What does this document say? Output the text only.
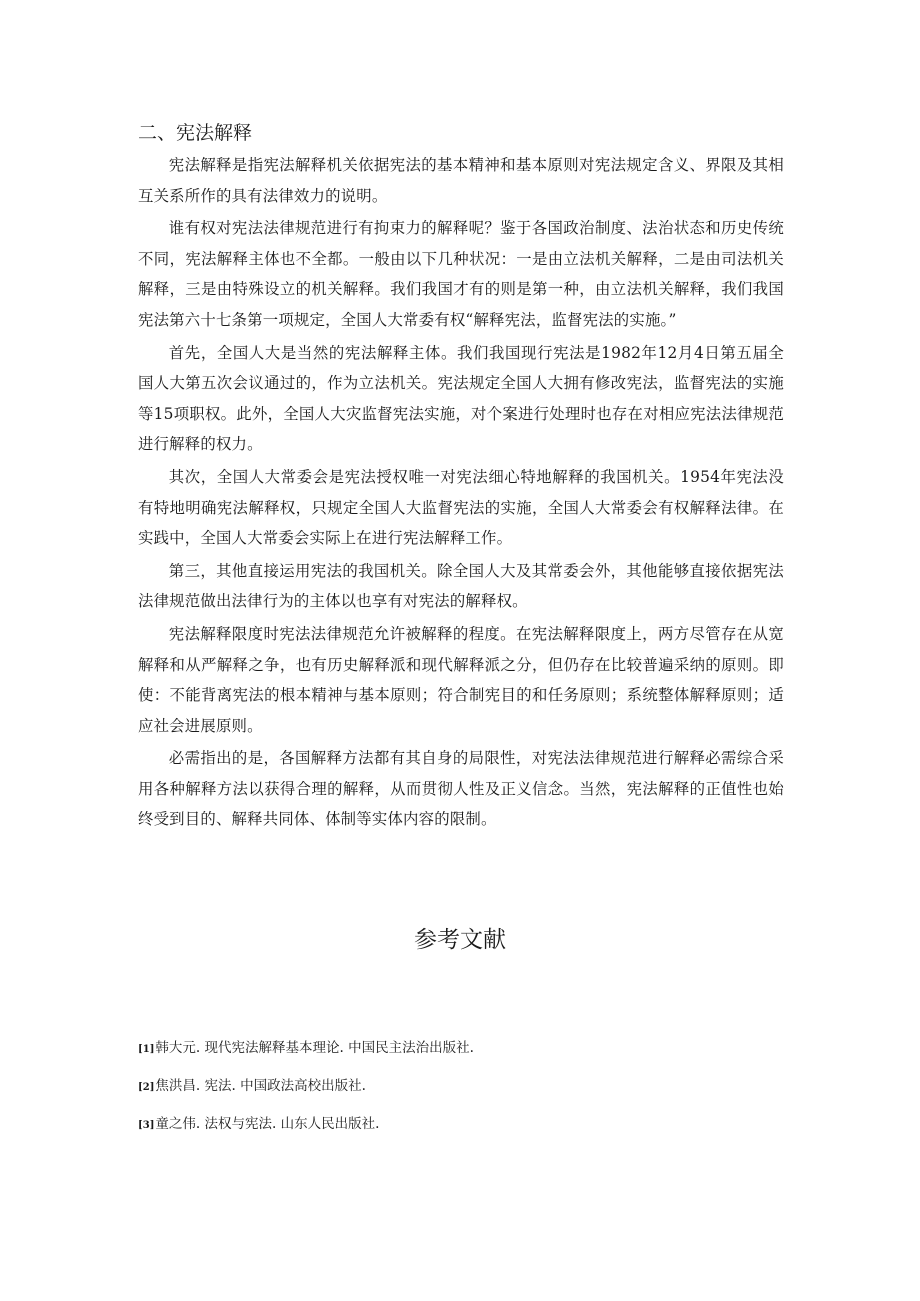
二、宪法解释

宪法解释是指宪法解释机关依据宪法的基本精神和基本原则对宪法规定含义、界限及其相互关系所作的具有法律效力的说明。

谁有权对宪法法律规范进行有拘束力的解释呢？鉴于各国政治制度、法治状态和历史传统不同，宪法解释主体也不全都。一般由以下几种状况：一是由立法机关解释，二是由司法机关解释，三是由特殊设立的机关解释。我们我国才有的则是第一种，由立法机关解释，我们我国宪法第六十七条第一项规定，全国人大常委有权“解释宪法，监督宪法的实施。”

首先，全国人大是当然的宪法解释主体。我们我国现行宪法是1982年12月4日第五届全国人大第五次会议通过的，作为立法机关。宪法规定全国人大拥有修改宪法，监督宪法的实施等15项职权。此外，全国人大灾监督宪法实施，对个案进行处理时也存在对相应宪法法律规范进行解释的权力。

其次，全国人大常委会是宪法授权唯一对宪法细心特地解释的我国机关。1954年宪法没有特地明确宪法解释权，只规定全国人大监督宪法的实施，全国人大常委会有权解释法律。在实践中，全国人大常委会实际上在进行宪法解释工作。

第三，其他直接运用宪法的我国机关。除全国人大及其常委会外，其他能够直接依据宪法法律规范做出法律行为的主体以也享有对宪法的解释权。

宪法解释限度时宪法法律规范允许被解释的程度。在宪法解释限度上，两方尽管存在从宽解释和从严解释之争，也有历史解释派和现代解释派之分，但仍存在比较普遍采纳的原则。即使：不能背离宪法的根本精神与基本原则；符合制宪目的和任务原则；系统整体解释原则；适应社会进展原则。

必需指出的是，各国解释方法都有其自身的局限性，对宪法法律规范进行解释必需综合采用各种解释方法以获得合理的解释，从而贯彻人性及正义信念。当然，宪法解释的正值性也始终受到目的、解释共同体、体制等实体内容的限制。

参考文献
[1]韩大元. 现代宪法解释基本理论. 中国民主法治出版社.
[2]焦洪昌. 宪法. 中国政法高校出版社.
[3]童之伟. 法权与宪法. 山东人民出版社.
